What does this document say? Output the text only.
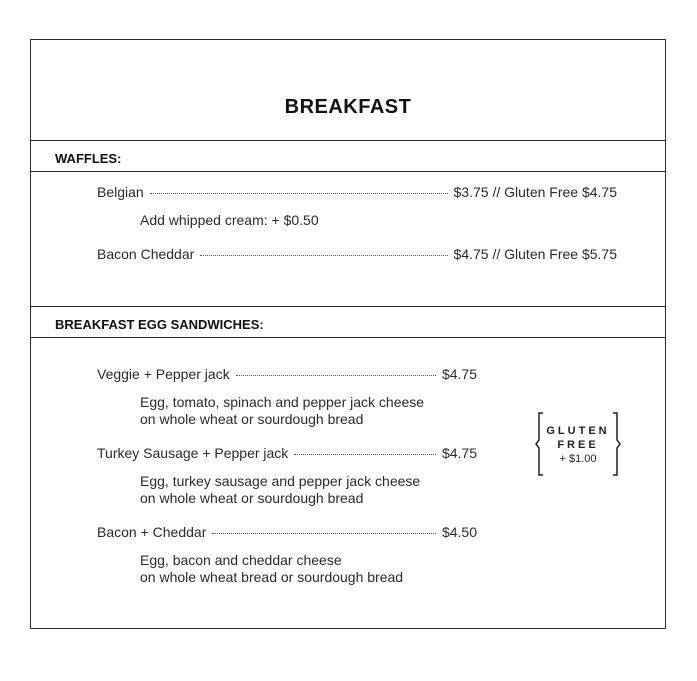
BREAKFAST
WAFFLES:
Belgian	$3.75 // Gluten Free $4.75
Add whipped cream: + $0.50
Bacon Cheddar	$4.75 // Gluten Free $5.75
BREAKFAST EGG SANDWICHES:
Veggie + Pepper jack	$4.75
Egg, tomato, spinach and pepper jack cheese
on whole wheat or sourdough bread
Turkey Sausage + Pepper jack	$4.75
Egg, turkey sausage and pepper jack cheese
on whole wheat or sourdough bread
Bacon + Cheddar	$4.50
Egg, bacon and cheddar cheese
on whole wheat bread or sourdough bread
GLUTEN
FREE
+ $1.00
